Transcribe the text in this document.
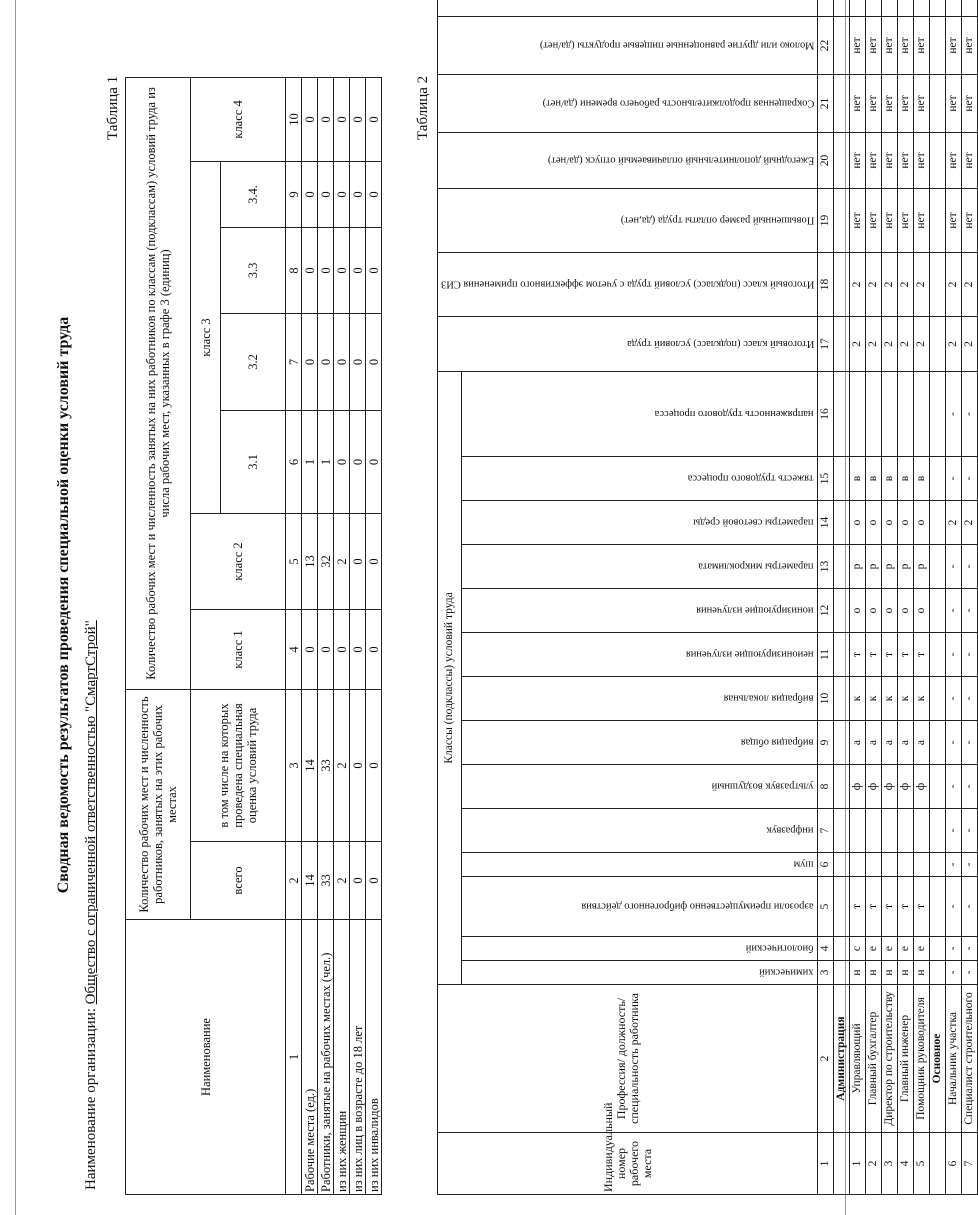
Сводная ведомость результатов проведения специальной оценки условий труда
Наименование организации: Общество с ограниченной ответственностью "СмартСтрой"
Таблица 1
Наименование	Количество рабочих мест и численность работников, занятых на этих рабочих местах		Количество рабочих мест и численность занятых на них работников по классам (подклассам) условий труда из числа рабочих мест, указанных в графе 3 (единиц)						
	всего	в том числе на которых проведена специальная оценка условий труда	класс 1	класс 2	класс 3				класс 4
					3.1	3.2	3.3	3.4.	
1	2	3	4	5	6	7	8	9	10
Рабочие места (ед.)	14	14	0	13	1	0	0	0	0
Работники, занятые на рабочих местах (чел.)	33	33	0	32	1	0	0	0	0
из них женщин	2	2	0	2	0	0	0	0	0
из них лиц в возрасте до 18 лет	0	0	0	0	0	0	0	0	0
из них инвалидов	0	0	0	0	0	0	0	0	0 Таблица 2
Индивидуальный номер рабочего места	Профессия/ должность/ специальность работника	Классы (подклассы) условий труда														Итоговый класс (подкласс) условий труда	Итоговый класс (подкласс) условий труда с учетом эффективного применения СИЗ	Повышенный размер оплаты труда (да,нет)	Ежегодный дополнительный оплачиваемый отпуск (да/нет)	Сокращенная продолжительность рабочего времени (да/нет)	Молоко или другие равноценные пищевые продукты (да/нет)		
		химический	биологический	аэрозоли преимущественно фиброгенного действия	шум	инфразвук	ультразвук воздушный	вибрация общая	вибрация локальная	неионизирующие излучения	ионизирующие излучения	параметры микроклимата	параметры световой среды	тяжесть трудового процесса	напряженность трудового процесса								
1	2	3	4	5	6	7	8	9	10	11	12	13	14	15	16	17	18	19	20	21	22		
	Администрация																						
1	Управляющий	н	с	т			ф	а	к	т	о	р	о	в		2	2	нет	нет	нет	нет		
2	Главный бухгалтер	н	е	т			ф	а	к	т	о	р	о	в		2	2	нет	нет	нет	нет		
3	Директор по строительству	н	е	т			ф	а	к	т	о	р	о	в		2	2	нет	нет	нет	нет		
4	Главный инженер	н	е	т			ф	а	к	т	о	р	о	в		2	2	нет	нет	нет	нет		
5	Помощник руководителя	н	е	т			ф	а	к	т	о	р	о	в		2	2	нет	нет	нет	нет		
	Основное																						
6	Начальник участка	-	-	-	-	-	-	-	-	-	-	-	2	-	-	2	2	нет	нет	нет	нет		
7	Специалист строительного	-	-	-	-	-	-	-	-	-	-	-	2	-	-	2	2	нет	нет	нет	нет		
